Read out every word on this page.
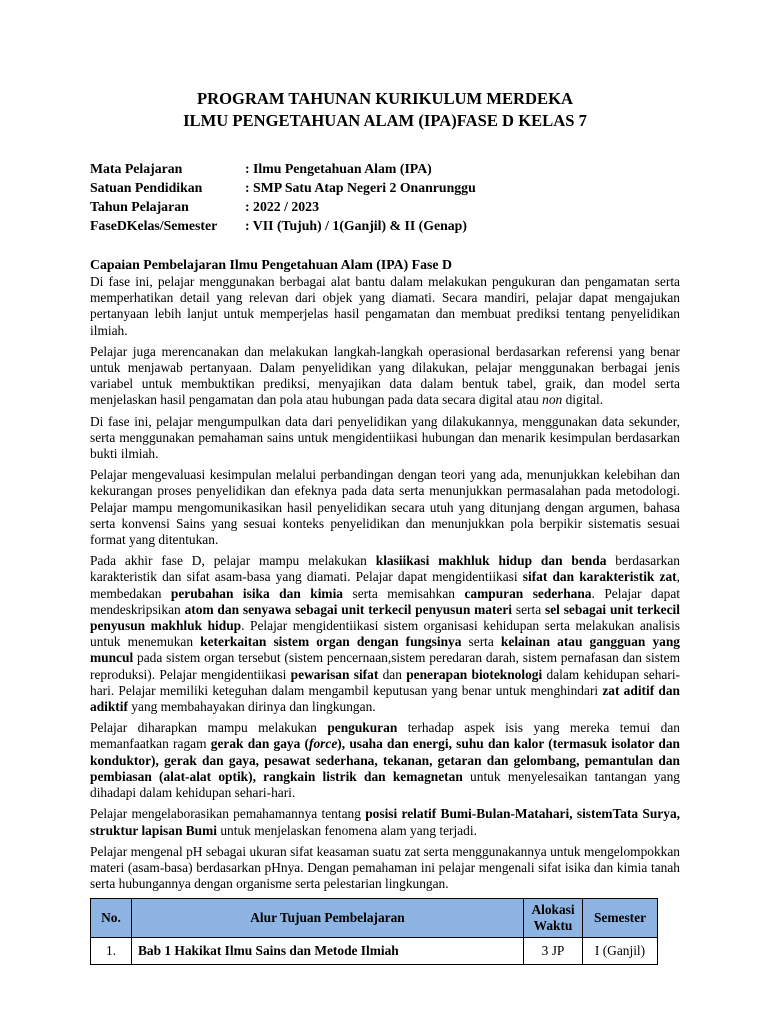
PROGRAM TAHUNAN KURIKULUM MERDEKA
ILMU PENGETAHUAN ALAM (IPA)FASE D KELAS 7
Mata Pelajaran	: Ilmu Pengetahuan Alam (IPA)
Satuan Pendidikan	: SMP Satu Atap Negeri 2 Onanrunggu
Tahun Pelajaran	: 2022 / 2023
FaseDKelas/Semester	: VII (Tujuh) / 1(Ganjil) & II (Genap)
Capaian Pembelajaran Ilmu Pengetahuan Alam (IPA) Fase D

Di fase ini, pelajar menggunakan berbagai alat bantu dalam melakukan pengukuran dan pengamatan serta memperhatikan detail yang relevan dari objek yang diamati. Secara mandiri, pelajar dapat mengajukan pertanyaan lebih lanjut untuk memperjelas hasil pengamatan dan membuat prediksi tentang penyelidikan ilmiah.

Pelajar juga merencanakan dan melakukan langkah-langkah operasional berdasarkan referensi yang benar untuk menjawab pertanyaan. Dalam penyelidikan yang dilakukan, pelajar menggunakan berbagai jenis variabel untuk membuktikan prediksi, menyajikan data dalam bentuk tabel, graik, dan model serta menjelaskan hasil pengamatan dan pola atau hubungan pada data secara digital atau non digital.

Di fase ini, pelajar mengumpulkan data dari penyelidikan yang dilakukannya, menggunakan data sekunder, serta menggunakan pemahaman sains untuk mengidentiikasi hubungan dan menarik kesimpulan berdasarkan bukti ilmiah.

Pelajar mengevaluasi kesimpulan melalui perbandingan dengan teori yang ada, menunjukkan kelebihan dan kekurangan proses penyelidikan dan efeknya pada data serta menunjukkan permasalahan pada metodologi. Pelajar mampu mengomunikasikan hasil penyelidikan secara utuh yang ditunjang dengan argumen, bahasa serta konvensi Sains yang sesuai konteks penyelidikan dan menunjukkan pola berpikir sistematis sesuai format yang ditentukan.

Pada akhir fase D, pelajar mampu melakukan klasiikasi makhluk hidup dan benda berdasarkan karakteristik dan sifat asam-basa yang diamati. Pelajar dapat mengidentiikasi sifat dan karakteristik zat, membedakan perubahan isika dan kimia serta memisahkan campuran sederhana. Pelajar dapat mendeskripsikan atom dan senyawa sebagai unit terkecil penyusun materi serta sel sebagai unit terkecil penyusun makhluk hidup. Pelajar mengidentiikasi sistem organisasi kehidupan serta melakukan analisis untuk menemukan keterkaitan sistem organ dengan fungsinya serta kelainan atau gangguan yang muncul pada sistem organ tersebut (sistem pencernaan,sistem peredaran darah, sistem pernafasan dan sistem reproduksi). Pelajar mengidentiikasi pewarisan sifat dan penerapan bioteknologi dalam kehidupan sehari-hari. Pelajar memiliki keteguhan dalam mengambil keputusan yang benar untuk menghindari zat aditif dan adiktif yang membahayakan dirinya dan lingkungan.

Pelajar diharapkan mampu melakukan pengukuran terhadap aspek isis yang mereka temui dan memanfaatkan ragam gerak dan gaya (force), usaha dan energi, suhu dan kalor (termasuk isolator dan konduktor), gerak dan gaya, pesawat sederhana, tekanan, getaran dan gelombang, pemantulan dan pembiasan (alat-alat optik), rangkain listrik dan kemagnetan untuk menyelesaikan tantangan yang dihadapi dalam kehidupan sehari-hari.

Pelajar mengelaborasikan pemahamannya tentang posisi relatif Bumi-Bulan-Matahari, sistemTata Surya, struktur lapisan Bumi untuk menjelaskan fenomena alam yang terjadi.

Pelajar mengenal pH sebagai ukuran sifat keasaman suatu zat serta menggunakannya untuk mengelompokkan materi (asam-basa) berdasarkan pHnya. Dengan pemahaman ini pelajar mengenali sifat isika dan kimia tanah serta hubungannya dengan organisme serta pelestarian lingkungan.

No.	Alur Tujuan Pembelajaran	Alokasi Waktu	Semester
1.	Bab 1 Hakikat Ilmu Sains dan Metode Ilmiah	3 JP	I (Ganjil)
